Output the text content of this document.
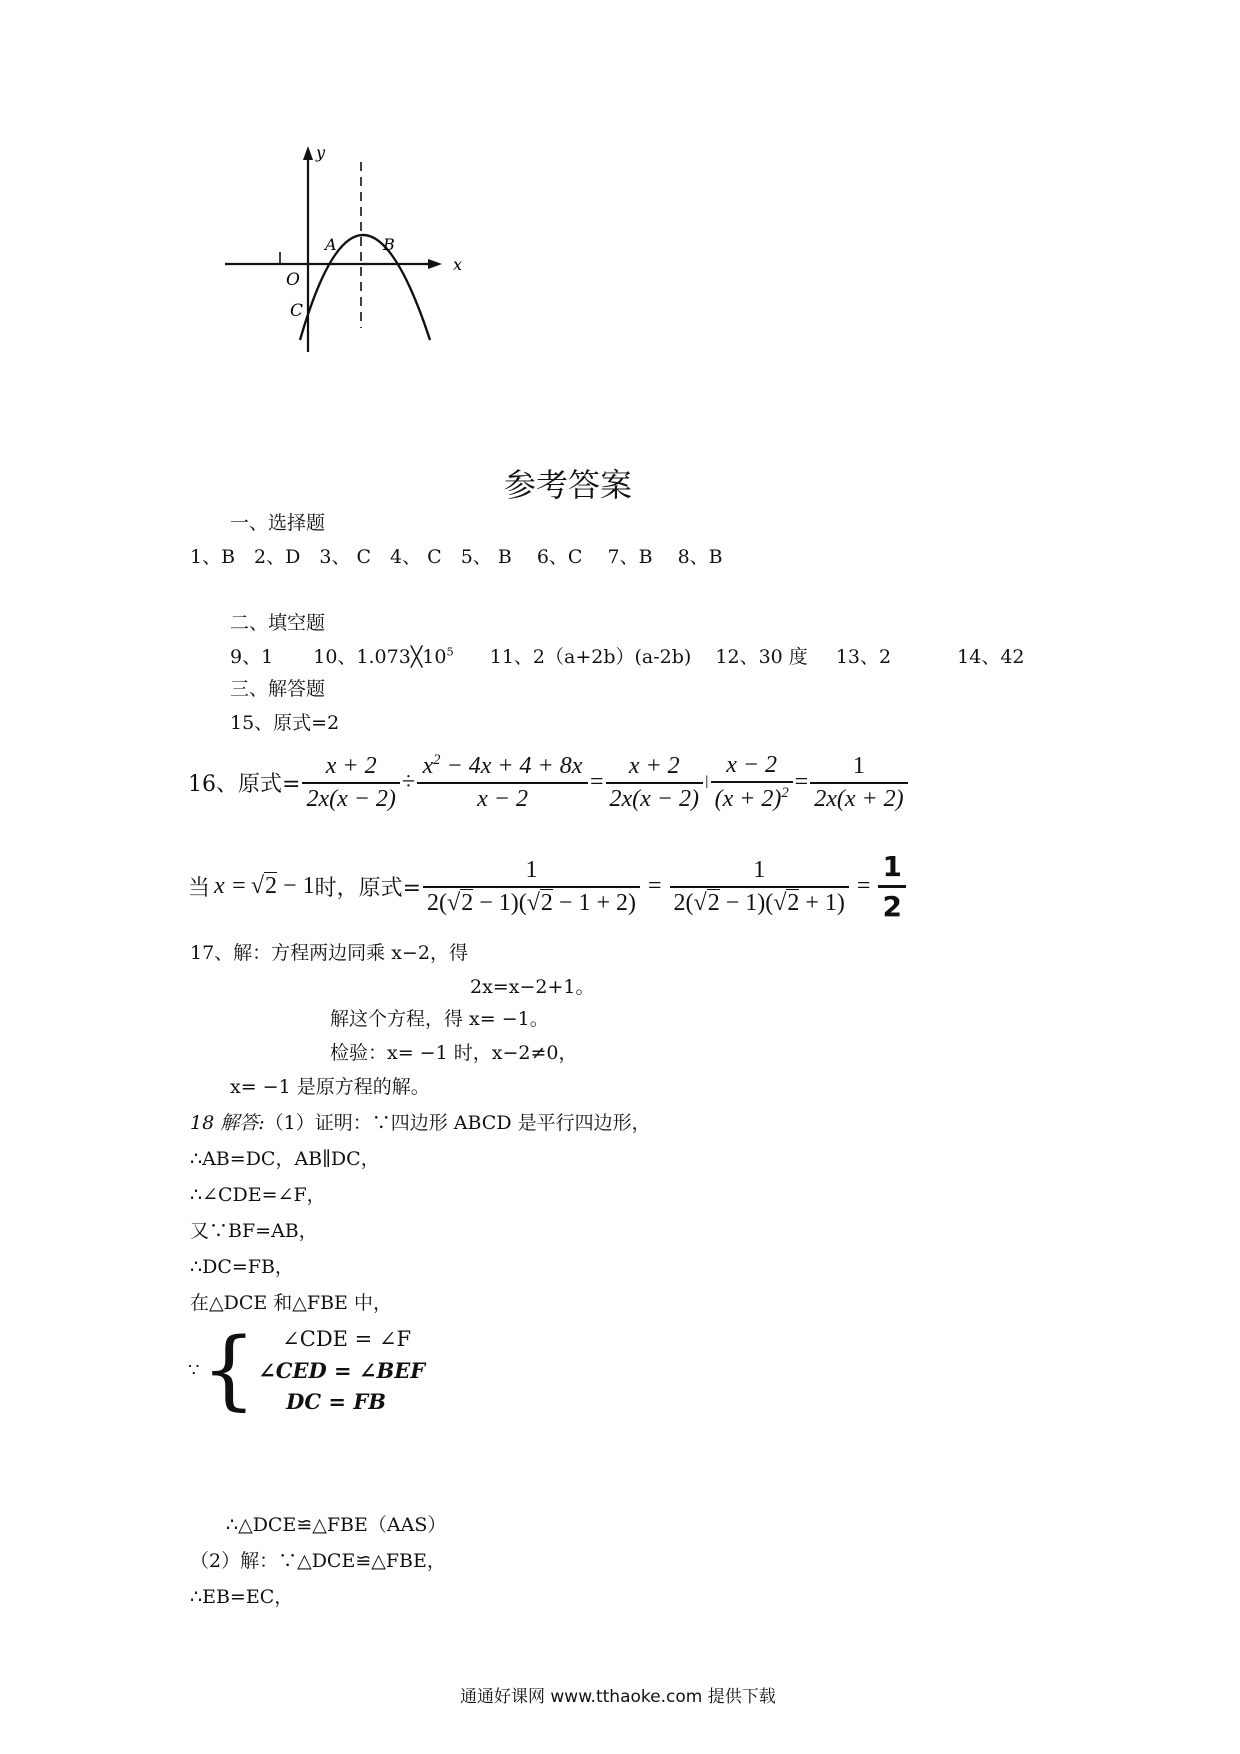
y
x
O
A	B
C
参考答案
一、选择题
1、B　2、D　3、 C　4、 C　5、 B　 6、C　 7、B　 8、B
二、填空题
9、1 10、$1.073╳10^5$ 11、2（a+2b）(a-2b) 12、30 度 13、2	14、42
三、解答题
15、原式=2
16、原式= $\frac{x + 2}{2x(x - 2)} \div \frac{x^2 - 4x + 4 + 8x}{x - 2} = \frac{x + 2}{2x(x - 2)}$ ǀ $\frac{x - 2}{(x + 2)^2} = \frac{1}{2x(x + 2)}$
当 x = √2 − 1 时，原式= $\frac{1}{2(√2 - 1)(√2 - 1 + 2)} = \frac{1}{2(√2 - 1)(√2 + 1)} = \frac{1}{2}$
17、解：方程两边同乘 x−2，得
2x=x−2+1。
解这个方程，得 x= −1。
检验：x= −1 时，x−2≠0，
x= −1 是原方程的解。
18 解答:（1）证明：∵四边形 ABCD 是平行四边形，
∴AB=DC，AB∥DC，
∴∠CDE=∠F，
又∵BF=AB，
∴DC=FB，
在△DCE 和△FBE 中，
∵ {	∠CDE = ∠F
∠CED = ∠BEF
DC = FB
∴△DCE≌△FBE（AAS）
（2）解：∵△DCE≌△FBE，
∴EB=EC，
通通好课网 www.tthaoke.com 提供下载
